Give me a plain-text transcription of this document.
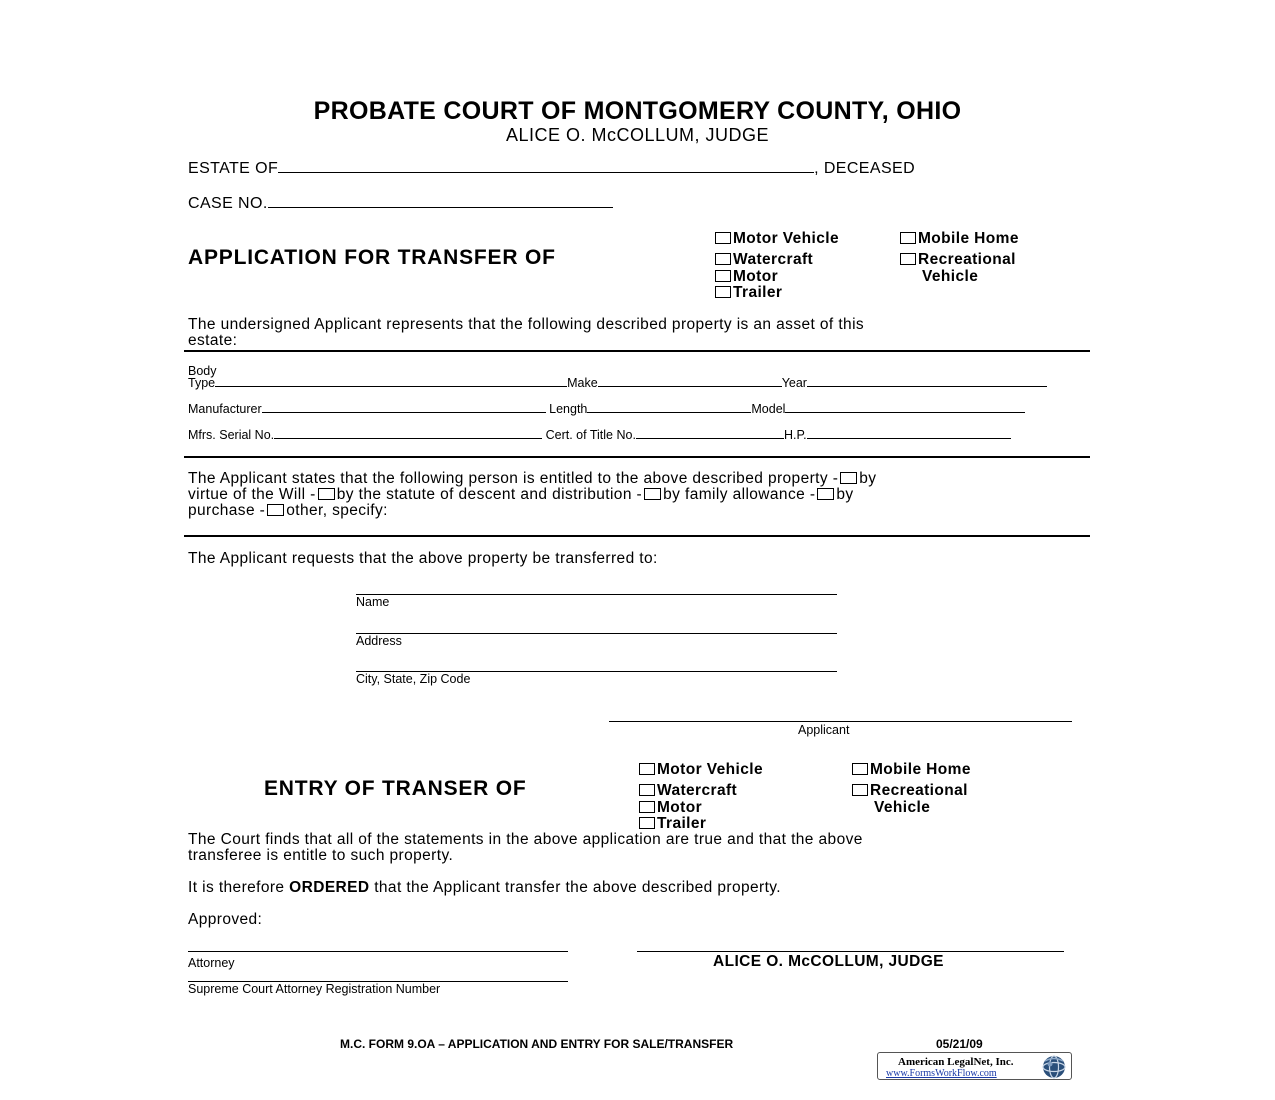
PROBATE COURT OF MONTGOMERY COUNTY, OHIO
ALICE O. McCOLLUM, JUDGE
ESTATE OF	, DECEASED
CASE NO.
APPLICATION FOR TRANSFER OF
Motor Vehicle
Watercraft
Motor
Trailer
Mobile Home
Recreational
Vehicle
The undersigned Applicant represents that the following described property is an asset of this
estate:
Body
Type	Make	Year
Manufacturer	Length	Model
Mfrs. Serial No.	Cert. of Title No.	H.P.
The Applicant states that the following person is entitled to the above described property - by
virtue of the Will - by the statute of descent and distribution - by family allowance - by
purchase - other, specify:
The Applicant requests that the above property be transferred to:
Name
Address
City, State, Zip Code
Applicant
ENTRY OF TRANSER OF
Motor Vehicle
Watercraft
Motor
Trailer
Mobile Home
Recreational
Vehicle
The Court finds that all of the statements in the above application are true and that the above
transferee is entitle to such property.
It is therefore ORDERED that the Applicant transfer the above described property.
Approved:
Attorney
Supreme Court Attorney Registration Number
ALICE O. McCOLLUM, JUDGE
M.C. FORM 9.OA – APPLICATION AND ENTRY FOR SALE/TRANSFER	05/21/09
American LegalNet, Inc.
www.FormsWorkFlow.com
